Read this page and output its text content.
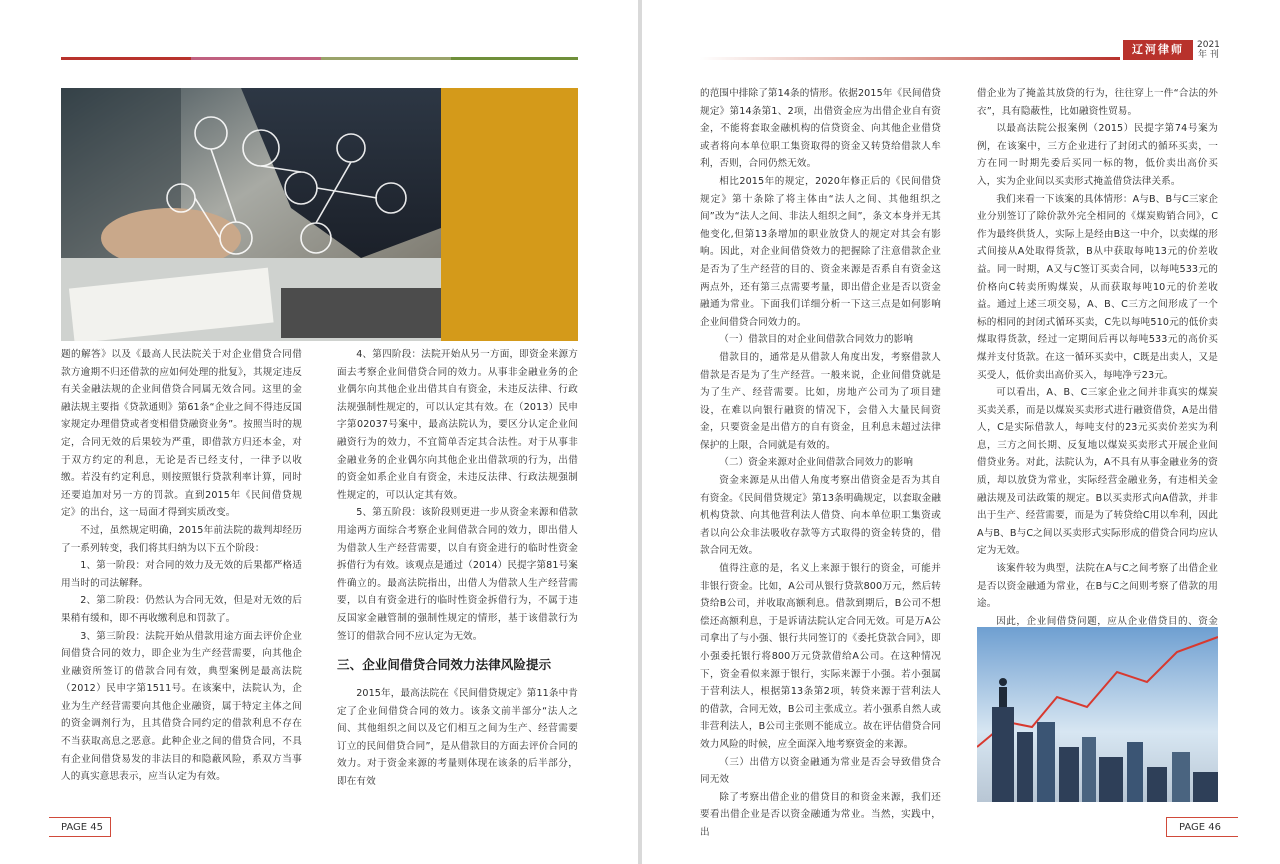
题的解答》以及《最高人民法院关于对企业借贷合同借款方逾期不归还借款的应如何处理的批复》，其规定违反有关金融法规的企业间借贷合同属无效合同。这里的金融法规主要指《贷款通则》第61条“企业之间不得违反国家规定办理借贷或者变相借贷融资业务”。按照当时的规定，合同无效的后果较为严重，即借款方归还本金，对于双方约定的利息，无论是否已经支付，一律予以收缴。若没有约定利息，则按照银行贷款利率计算，同时还要追加对另一方的罚款。直到2015年《民间借贷规定》的出台，这一局面才得到实质改变。

不过，虽然规定明确，2015年前法院的裁判却经历了一系列转变，我们将其归纳为以下五个阶段：

1、第一阶段：对合同的效力及无效的后果都严格适用当时的司法解释。

2、第二阶段：仍然认为合同无效，但是对无效的后果稍有缓和，即不再收缴利息和罚款了。

3、第三阶段：法院开始从借款用途方面去评价企业间借贷合同的效力，即企业为生产经营需要，向其他企业融资所签订的借款合同有效，典型案例是最高法院（2012）民申字第1511号。在该案中，法院认为，企业为生产经营需要向其他企业融资，属于特定主体之间的资金调剂行为，且其借贷合同约定的借款利息不存在不当获取高息之恶意。此种企业之间的借贷合同，不具有企业间借贷易发的非法目的和隐蔽风险，系双方当事人的真实意思表示，应当认定为有效。

4、第四阶段：法院开始从另一方面，即资金来源方面去考察企业间借贷合同的效力。从事非金融业务的企业偶尔向其他企业出借其自有资金，未违反法律、行政法规强制性规定的，可以认定其有效。在（2013）民申字第02037号案中，最高法院认为，要区分认定企业间融资行为的效力，不宜简单否定其合法性。对于从事非金融业务的企业偶尔向其他企业出借款项的行为，出借的资金如系企业自有资金，未违反法律、行政法规强制性规定的，可以认定其有效。

5、第五阶段：该阶段则更进一步从资金来源和借款用途两方面综合考察企业间借款合同的效力，即出借人为借款人生产经营需要，以自有资金进行的临时性资金拆借行为有效。该观点是通过（2014）民提字第81号案件确立的。最高法院指出，出借人为借款人生产经营需要，以自有资金进行的临时性资金拆借行为，不属于违反国家金融管制的强制性规定的情形，基于该借款行为签订的借款合同不应认定为无效。

三、企业间借贷合同效力法律风险提示

2015年，最高法院在《民间借贷规定》第11条中肯定了企业间借贷合同的效力。该条文前半部分“法人之间、其他组织之间以及它们相互之间为生产、经营需要订立的民间借贷合同”，是从借款目的方面去评价合同的效力。对于资金来源的考量则体现在该条的后半部分，即在有效

PAGE 45
辽河律师	2021
年 刊

的范围中排除了第14条的情形。依据2015年《民间借贷规定》第14条第1、2项，出借资金应为出借企业自有资金，不能将套取金融机构的信贷资金、向其他企业借贷或者将向本单位职工集资取得的资金又转贷给借款人牟利，否则，合同仍然无效。

相比2015年的规定，2020年修正后的《民间借贷规定》第十条除了将主体由“法人之间、其他组织之间”改为“法人之间、非法人组织之间”，条文本身并无其他变化,但第13条增加的职业放贷人的规定对其会有影响。因此，对企业间借贷效力的把握除了注意借款企业是否为了生产经营的目的、资金来源是否系自有资金这两点外，还有第三点需要考量，即出借企业是否以资金融通为常业。下面我们详细分析一下这三点是如何影响企业间借贷合同效力的。

（一）借款目的对企业间借款合同效力的影响

借款目的，通常是从借款人角度出发，考察借款人借款是否是为了生产经营。一般来说，企业间借贷就是为了生产、经营需要。比如，房地产公司为了项目建设，在难以向银行融资的情况下，会借入大量民间资金，只要资金是出借方的自有资金，且利息未超过法律保护的上限，合同就是有效的。

（二）资金来源对企业间借款合同效力的影响

资金来源是从出借人角度考察出借资金是否为其自有资金。《民间借贷规定》第13条明确规定，以套取金融机构贷款、向其他营利法人借贷、向本单位职工集资或者以向公众非法吸收存款等方式取得的资金转贷的，借款合同无效。

值得注意的是，名义上来源于银行的资金，可能并非银行资金。比如，A公司从银行贷款800万元，然后转贷给B公司，并收取高额利息。借款到期后，B公司不想偿还高额利息，于是诉请法院认定合同无效。可是万A公司拿出了与小强、银行共同签订的《委托贷款合同》，即小强委托银行将800万元贷款借给A公司。在这种情况下，资金看似来源于银行，实际来源于小强。若小强属于营利法人，根据第13条第2项，转贷来源于营利法人的借款，合同无效，B公司主张成立。若小强系自然人或非营利法人，B公司主张则不能成立。故在评估借贷合同效力风险的时候，应全面深入地考察资金的来源。

（三）出借方以资金融通为常业是否会导致借贷合同无效

除了考察出借企业的借贷目的和资金来源，我们还要看出借企业是否以资金融通为常业。当然，实践中，出

借企业为了掩盖其放贷的行为，往往穿上一件“合法的外衣”，具有隐蔽性，比如融资性贸易。

以最高法院公报案例（2015）民提字第74号案为例，在该案中，三方企业进行了封闭式的循环买卖，一方在同一时期先委后买同一标的物，低价卖出高价买入，实为企业间以买卖形式掩盖借贷法律关系。

我们来看一下该案的具体情形：A与B、B与C三家企业分别签订了除价款外完全相同的《煤炭购销合同》，C作为最终供货人，实际上是经由B这一中介，以卖煤的形式间接从A处取得货款，B从中获取每吨13元的价差收益。同一时期，A又与C签订买卖合同，以每吨533元的价格向C转卖所购煤炭，从而获取每吨10元的价差收益。通过上述三项交易，A、B、C三方之间形成了一个标的相同的封闭式循环买卖，C先以每吨510元的低价卖煤取得货款，经过一定期间后再以每吨533元的高价买煤并支付货款。在这一循环买卖中，C既是出卖人，又是买受人，低价卖出高价买入，每吨净亏23元。

可以看出，A、B、C三家企业之间并非真实的煤炭买卖关系，而是以煤炭买卖形式进行融资借贷，A是出借人，C是实际借款人，每吨支付的23元买卖价差实为利息，三方之间长期、反复地以煤炭买卖形式开展企业间借贷业务。对此，法院认为，A不具有从事金融业务的资质，却以放贷为常业，实际经营金融业务，有违相关金融法规及司法政策的规定。B以买卖形式向A借款，并非出于生产、经营需要，而是为了转贷给C用以牟利，因此A与B、B与C之间以买卖形式实际形成的借贷合同均应认定为无效。

该案件较为典型，法院在A与C之间考察了出借企业是否以资金融通为常业，在B与C之间则考察了借款的用途。

因此，企业间借贷问题，应从企业借贷目的、资金

PAGE 46
